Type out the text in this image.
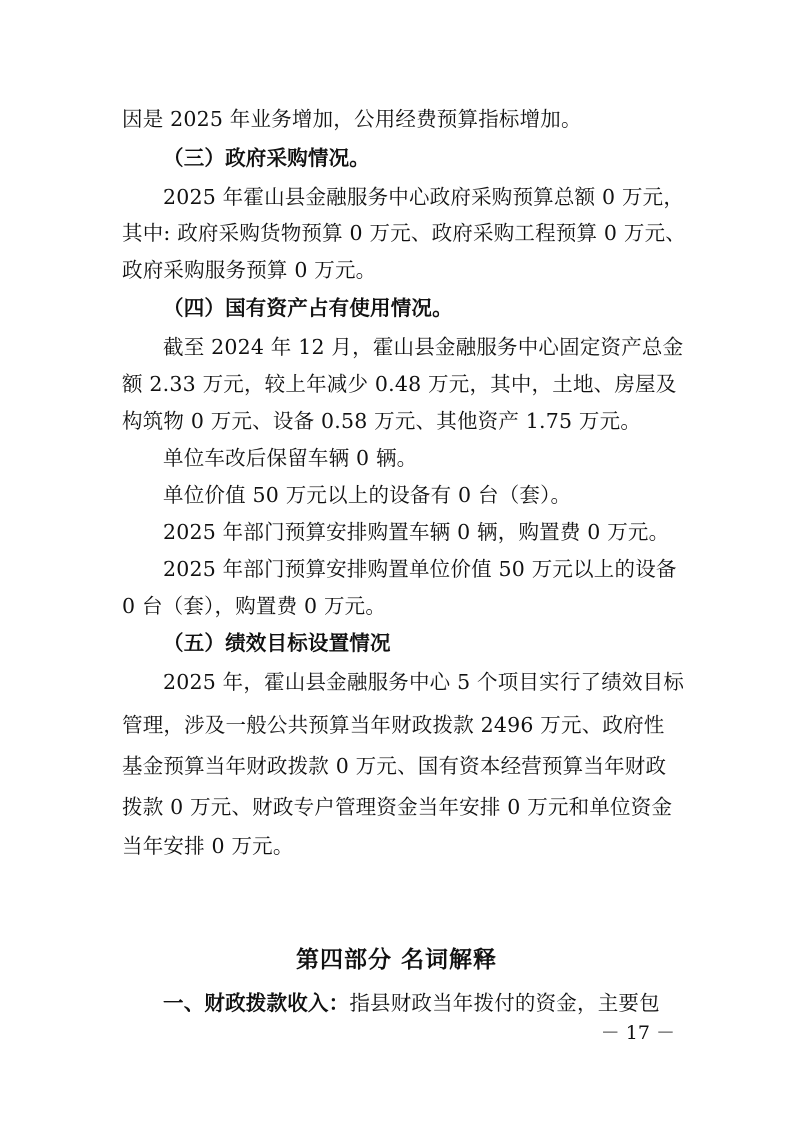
因是 2025 年业务增加，公用经费预算指标增加。
（三）政府采购情况。
2025 年霍山县金融服务中心政府采购预算总额 0 万元，
其中: 政府采购货物预算 0 万元、政府采购工程预算 0 万元、
政府采购服务预算 0 万元。
（四）国有资产占有使用情况。
截至 2024 年 12 月，霍山县金融服务中心固定资产总金
额 2.33 万元，较上年减少 0.48 万元，其中，土地、房屋及
构筑物 0 万元、设备 0.58 万元、其他资产 1.75 万元。
单位车改后保留车辆 0 辆。
单位价值 50 万元以上的设备有 0 台（套）。
2025 年部门预算安排购置车辆 0 辆，购置费 0 万元。
2025 年部门预算安排购置单位价值 50 万元以上的设备
0 台（套），购置费 0 万元。
（五）绩效目标设置情况
2025 年，霍山县金融服务中心 5 个项目实行了绩效目标
管理，涉及一般公共预算当年财政拨款 2496 万元、政府性
基金预算当年财政拨款 0 万元、国有资本经营预算当年财政
拨款 0 万元、财政专户管理资金当年安排 0 万元和单位资金
当年安排 0 万元。
第四部分 名词解释
一、财政拨款收入：指县财政当年拨付的资金，主要包
－ 17 －
